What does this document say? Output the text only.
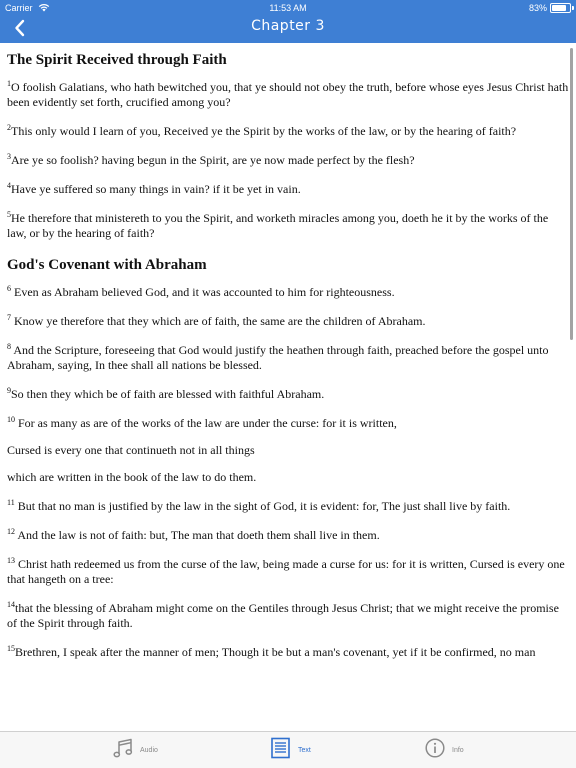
Carrier	11:53 AM	83%
Chapter 3
The Spirit Received through Faith

$^1$O foolish Galatians, who hath bewitched you, that ye should not obey the truth, before whose eyes Jesus Christ hath been evidently set forth, crucified among you?

$^2$This only would I learn of you, Received ye the Spirit by the works of the law, or by the hearing of faith?

$^3$Are ye so foolish? having begun in the Spirit, are ye now made perfect by the flesh?

$^4$Have ye suffered so many things in vain? if it be yet in vain.

$^5$He therefore that ministereth to you the Spirit, and worketh miracles among you, doeth he it by the works of the law, or by the hearing of faith?

God's Covenant with Abraham

$^6$ Even as Abraham believed God, and it was accounted to him for righteousness.

$^7$ Know ye therefore that they which are of faith, the same are the children of Abraham.

$^8$ And the Scripture, foreseeing that God would justify the heathen through faith, preached before the gospel unto Abraham, saying, In thee shall all nations be blessed.

$^9$So then they which be of faith are blessed with faithful Abraham.

$^{10}$ For as many as are of the works of the law are under the curse: for it is written,

Cursed is every one that continueth not in all things

which are written in the book of the law to do them.

$^{11}$ But that no man is justified by the law in the sight of God, it is evident: for, The just shall live by faith.

$^{12}$ And the law is not of faith: but, The man that doeth them shall live in them.

$^{13}$ Christ hath redeemed us from the curse of the law, being made a curse for us: for it is written, Cursed is every one that hangeth on a tree:

$^{14}$that the blessing of Abraham might come on the Gentiles through Jesus Christ; that we might receive the promise of the Spirit through faith.

$^{15}$Brethren, I speak after the manner of men; Though it be but a man's covenant, yet if it be confirmed, no man

Audio	Text	Info
